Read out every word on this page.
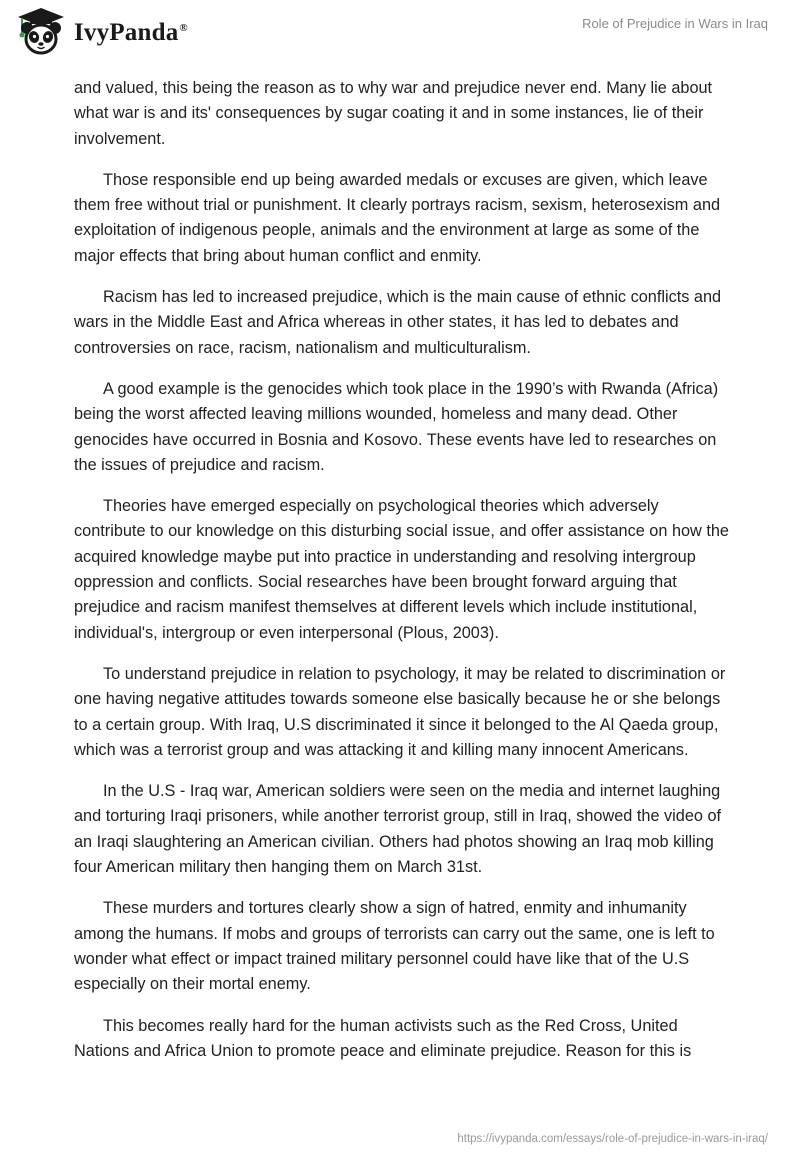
IvyPanda®	Role of Prejudice in Wars in Iraq

and valued, this being the reason as to why war and prejudice never end. Many lie about what war is and its' consequences by sugar coating it and in some instances, lie of their involvement.

Those responsible end up being awarded medals or excuses are given, which leave them free without trial or punishment. It clearly portrays racism, sexism, heterosexism and exploitation of indigenous people, animals and the environment at large as some of the major effects that bring about human conflict and enmity.

Racism has led to increased prejudice, which is the main cause of ethnic conflicts and wars in the Middle East and Africa whereas in other states, it has led to debates and controversies on race, racism, nationalism and multiculturalism.

A good example is the genocides which took place in the 1990’s with Rwanda (Africa) being the worst affected leaving millions wounded, homeless and many dead. Other genocides have occurred in Bosnia and Kosovo. These events have led to researches on the issues of prejudice and racism.

Theories have emerged especially on psychological theories which adversely contribute to our knowledge on this disturbing social issue, and offer assistance on how the acquired knowledge maybe put into practice in understanding and resolving intergroup oppression and conflicts. Social researches have been brought forward arguing that prejudice and racism manifest themselves at different levels which include institutional, individual's, intergroup or even interpersonal (Plous, 2003).

To understand prejudice in relation to psychology, it may be related to discrimination or one having negative attitudes towards someone else basically because he or she belongs to a certain group. With Iraq, U.S discriminated it since it belonged to the Al Qaeda group, which was a terrorist group and was attacking it and killing many innocent Americans.

In the U.S - Iraq war, American soldiers were seen on the media and internet laughing and torturing Iraqi prisoners, while another terrorist group, still in Iraq, showed the video of an Iraqi slaughtering an American civilian. Others had photos showing an Iraq mob killing four American military then hanging them on March 31st.

These murders and tortures clearly show a sign of hatred, enmity and inhumanity among the humans. If mobs and groups of terrorists can carry out the same, one is left to wonder what effect or impact trained military personnel could have like that of the U.S especially on their mortal enemy.

This becomes really hard for the human activists such as the Red Cross, United Nations and Africa Union to promote peace and eliminate prejudice. Reason for this is

https://ivypanda.com/essays/role-of-prejudice-in-wars-in-iraq/
